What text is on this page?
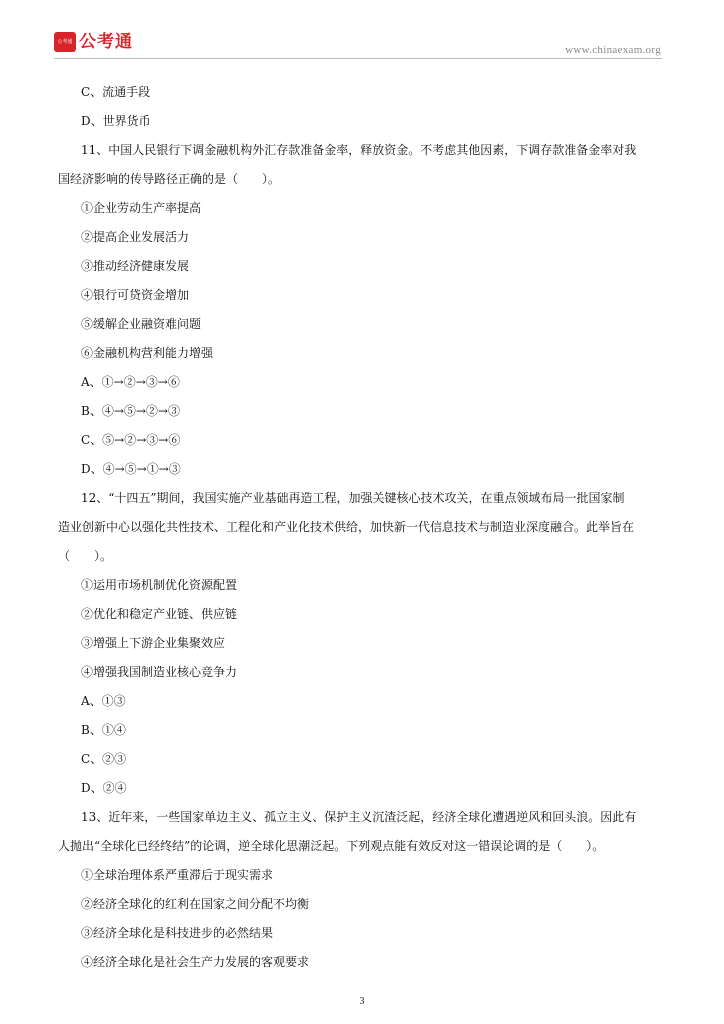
公考通 公考通	www.chinaexam.org
C、流通手段
D、世界货币
11、中国人民银行下调金融机构外汇存款准备金率，释放资金。不考虑其他因素，下调存款准备金率对我
国经济影响的传导路径正确的是（　　）。
①企业劳动生产率提高
②提高企业发展活力
③推动经济健康发展
④银行可贷资金增加
⑤缓解企业融资难问题
⑥金融机构营利能力增强
A、①→②→③→⑥
B、④→⑤→②→③
C、⑤→②→③→⑥
D、④→⑤→①→③
12、“十四五”期间，我国实施产业基础再造工程，加强关键核心技术攻关，在重点领域布局一批国家制
造业创新中心以强化共性技术、工程化和产业化技术供给，加快新一代信息技术与制造业深度融合。此举旨在
（　　）。
①运用市场机制优化资源配置
②优化和稳定产业链、供应链
③增强上下游企业集聚效应
④增强我国制造业核心竞争力
A、①③
B、①④
C、②③
D、②④
13、近年来，一些国家单边主义、孤立主义、保护主义沉渣泛起，经济全球化遭遇逆风和回头浪。因此有
人抛出“全球化已经终结”的论调，逆全球化思潮泛起。下列观点能有效反对这一错误论调的是（　　）。
①全球治理体系严重滞后于现实需求
②经济全球化的红利在国家之间分配不均衡
③经济全球化是科技进步的必然结果
④经济全球化是社会生产力发展的客观要求
3
